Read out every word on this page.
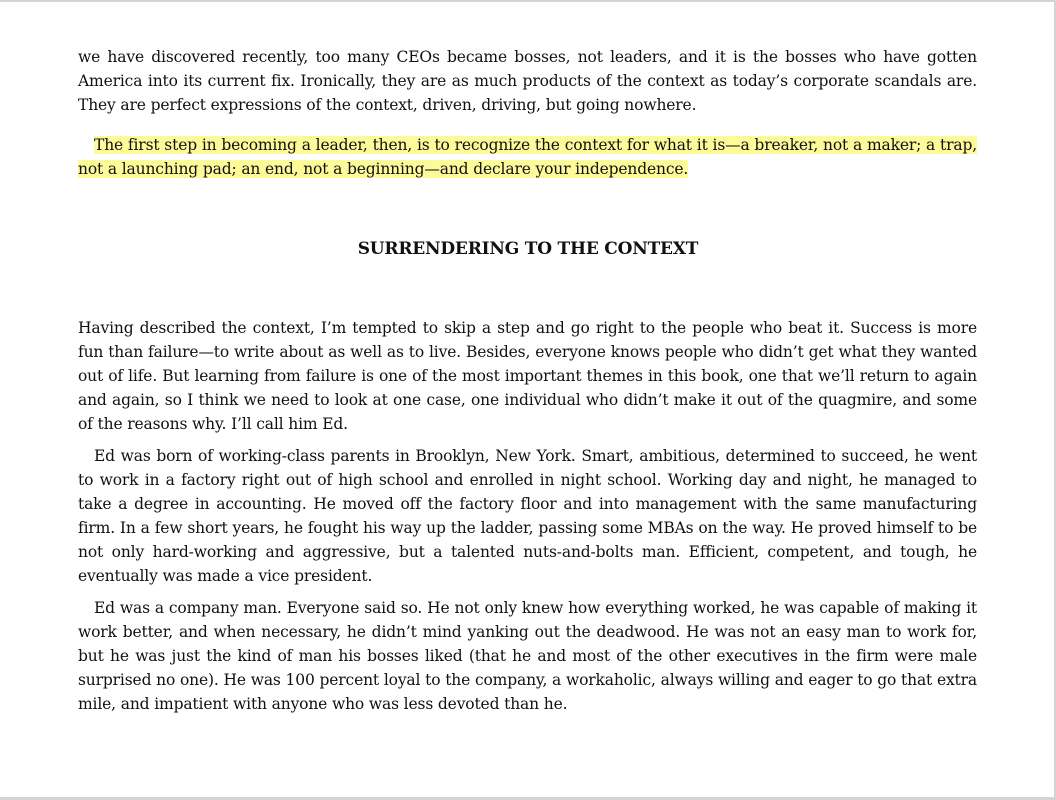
we have discovered recently, too many CEOs became bosses, not leaders, and it is the bosses who have gotten America into its current fix. Ironically, they are as much products of the context as today’s corporate scandals are. They are perfect expressions of the context, driven, driving, but going nowhere.

The first step in becoming a leader, then, is to recognize the context for what it is—a breaker, not a maker; a trap, not a launching pad; an end, not a beginning—and declare your independence.

SURRENDERING TO THE CONTEXT

Having described the context, I’m tempted to skip a step and go right to the people who beat it. Success is more fun than failure—to write about as well as to live. Besides, everyone knows people who didn’t get what they wanted out of life. But learning from failure is one of the most important themes in this book, one that we’ll return to again and again, so I think we need to look at one case, one individual who didn’t make it out of the quagmire, and some of the reasons why. I’ll call him Ed.

Ed was born of working-class parents in Brooklyn, New York. Smart, ambitious, determined to succeed, he went to work in a factory right out of high school and enrolled in night school. Working day and night, he managed to take a degree in accounting. He moved off the factory floor and into management with the same manufacturing firm. In a few short years, he fought his way up the ladder, passing some MBAs on the way. He proved himself to be not only hard-working and aggressive, but a talented nuts-and-bolts man. Efficient, competent, and tough, he eventually was made a vice president.

Ed was a company man. Everyone said so. He not only knew how everything worked, he was capable of making it work better, and when necessary, he didn’t mind yanking out the deadwood. He was not an easy man to work for, but he was just the kind of man his bosses liked (that he and most of the other executives in the firm were male surprised no one). He was 100 percent loyal to the company, a workaholic, always willing and eager to go that extra mile, and impatient with anyone who was less devoted than he.
